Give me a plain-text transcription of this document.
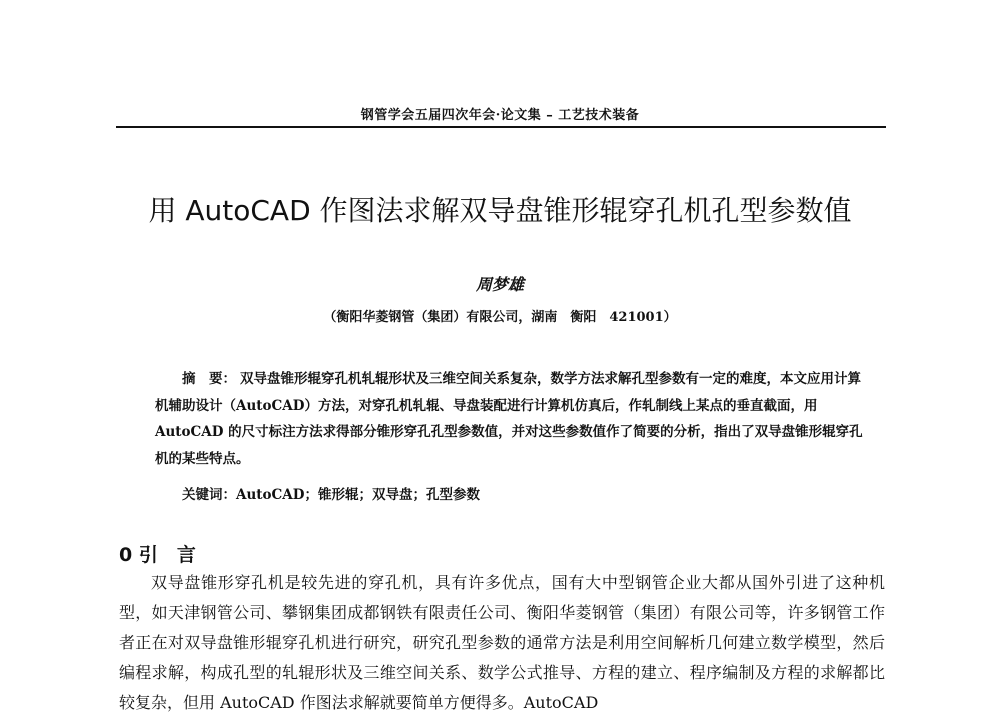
钢管学会五届四次年会·论文集 – 工艺技术装备
用 AutoCAD 作图法求解双导盘锥形辊穿孔机孔型参数值
周梦雄
（衡阳华菱钢管（集团）有限公司，湖南　衡阳　421001）

摘　要： 双导盘锥形辊穿孔机轧辊形状及三维空间关系复杂，数学方法求解孔型参数有一定的难度，本文应用计算机辅助设计（AutoCAD）方法，对穿孔机轧辊、导盘装配进行计算机仿真后，作轧制线上某点的垂直截面，用 AutoCAD 的尺寸标注方法求得部分锥形穿孔孔型参数值，并对这些参数值作了简要的分析，指出了双导盘锥形辊穿孔机的某些特点。

关键词：AutoCAD；锥形辊；双导盘；孔型参数
0 引　言

双导盘锥形穿孔机是较先进的穿孔机，具有许多优点，国有大中型钢管企业大都从国外引进了这种机型，如天津钢管公司、攀钢集团成都钢铁有限责任公司、衡阳华菱钢管（集团）有限公司等，许多钢管工作者正在对双导盘锥形辊穿孔机进行研究，研究孔型参数的通常方法是利用空间解析几何建立数学模型，然后编程求解，构成孔型的轧辊形状及三维空间关系、数学公式推导、方程的建立、程序编制及方程的求解都比较复杂，但用 AutoCAD 作图法求解就要简单方便得多。AutoCAD
